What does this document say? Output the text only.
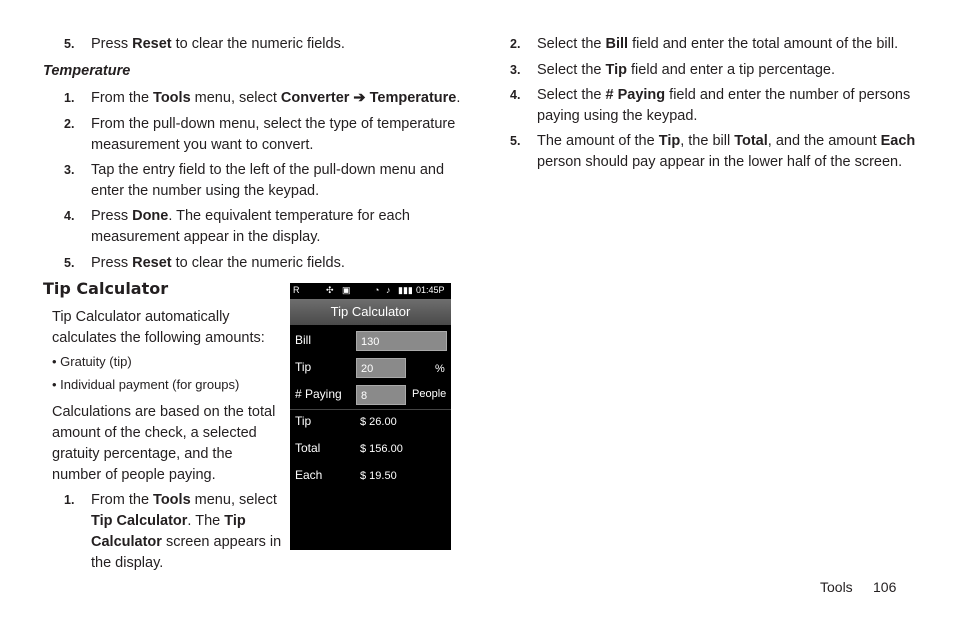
5. Press Reset to clear the numeric fields.
Temperature
1. From the Tools menu, select Converter ➔ Temperature.
2. From the pull-down menu, select the type of temperature
measurement you want to convert.
3. Tap the entry field to the left of the pull-down menu and
enter the number using the keypad.
4. Press Done. The equivalent temperature for each
measurement appear in the display.
5. Press Reset to clear the numeric fields.
Tip Calculator
Tip Calculator automatically
calculates the following amounts:
• Gratuity (tip)
• Individual payment (for groups)
Calculations are based on the total
amount of the check, a selected
gratuity percentage, and the
number of people paying.
1. From the Tools menu, select
Tip Calculator. The Tip
Calculator screen appears in
the display.
R	✣ ▣	◔ ♪ ▮▮▮ 01:45P
Tip Calculator
Bill	130
Tip	20	%
# Paying	8	People
Tip	$ 26.00
Total	$ 156.00
Each	$ 19.50
2. Select the Bill field and enter the total amount of the bill.
3. Select the Tip field and enter a tip percentage.
4. Select the # Paying field and enter the number of persons
paying using the keypad.
5. The amount of the Tip, the bill Total, and the amount Each
person should pay appear in the lower half of the screen.
Tools 106
